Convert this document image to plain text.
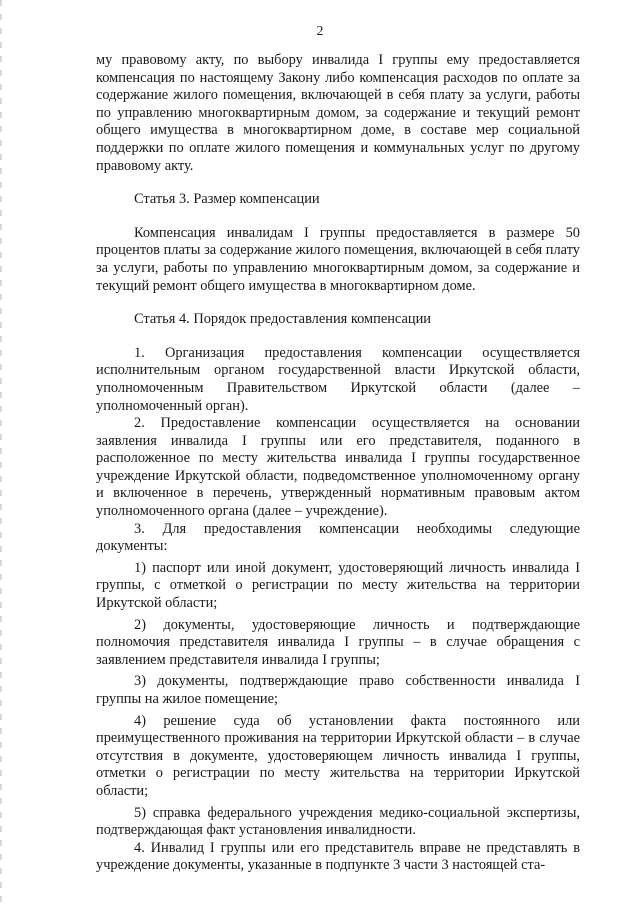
2

му правовому акту, по выбору инвалида I группы ему предоставляется компенсация по настоящему Закону либо компенсация расходов по оплате за содержание жилого помещения, включающей в себя плату за услуги, работы по управлению многоквартирным домом, за содержание и текущий ремонт общего имущества в многоквартирном доме, в составе мер социальной поддержки по оплате жилого помещения и коммунальных услуг по другому правовому акту.

Статья 3. Размер компенсации

Компенсация инвалидам I группы предоставляется в размере 50 процентов платы за содержание жилого помещения, включающей в себя плату за услуги, работы по управлению многоквартирным домом, за содержание и текущий ремонт общего имущества в многоквартирном доме.

Статья 4. Порядок предоставления компенсации

1. Организация предоставления компенсации осуществляется исполнительным органом государственной власти Иркутской области, уполномоченным Правительством Иркутской области (далее – уполномоченный орган).

2. Предоставление компенсации осуществляется на основании заявления инвалида I группы или его представителя, поданного в расположенное по месту жительства инвалида I группы государственное учреждение Иркутской области, подведомственное уполномоченному органу и включенное в перечень, утвержденный нормативным правовым актом уполномоченного органа (далее – учреждение).

3. Для предоставления компенсации необходимы следующие документы:

1) паспорт или иной документ, удостоверяющий личность инвалида I группы, с отметкой о регистрации по месту жительства на территории Иркутской области;

2) документы, удостоверяющие личность и подтверждающие полномочия представителя инвалида I группы – в случае обращения с заявлением представителя инвалида I группы;

3) документы, подтверждающие право собственности инвалида I группы на жилое помещение;

4) решение суда об установлении факта постоянного или преимущественного проживания на территории Иркутской области – в случае отсутствия в документе, удостоверяющем личность инвалида I группы, отметки о регистрации по месту жительства на территории Иркутской области;

5) справка федерального учреждения медико-социальной экспертизы, подтверждающая факт установления инвалидности.

4. Инвалид I группы или его представитель вправе не представлять в учреждение документы, указанные в подпункте 3 части 3 настоящей ста-
